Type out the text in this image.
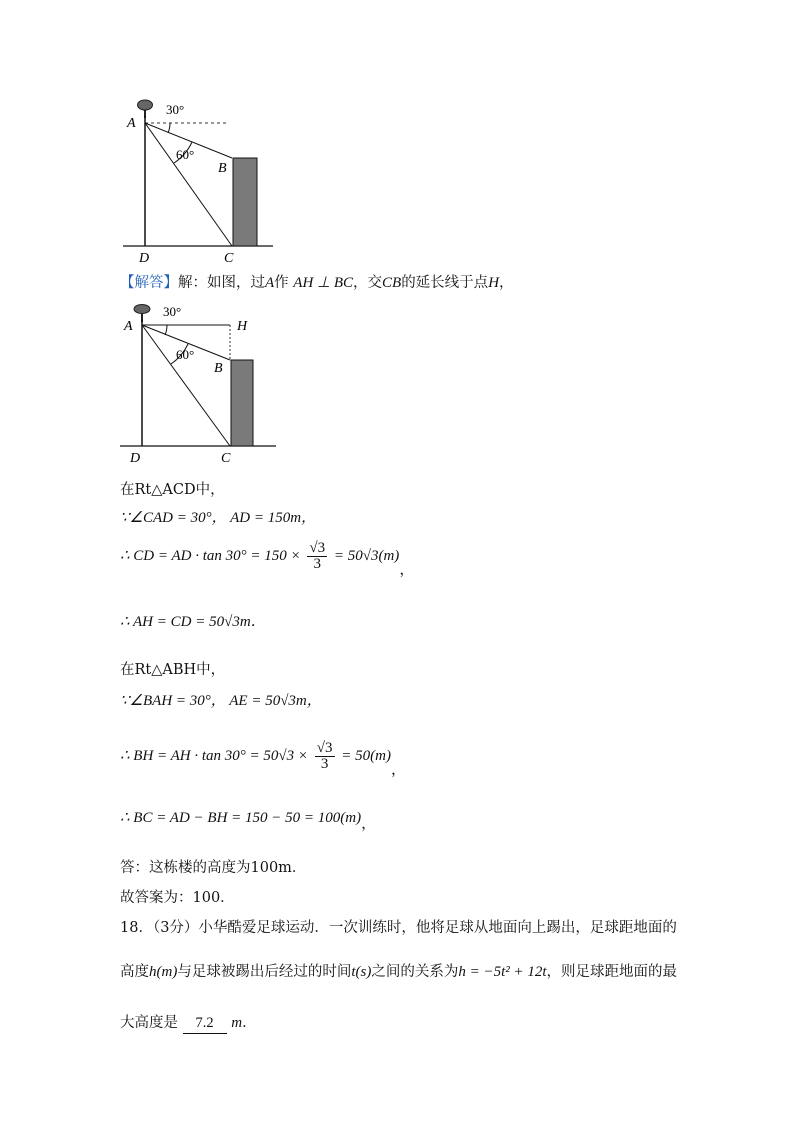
30°
60°
A
B
C
D
【解答】解：如图，过A作 AH ⊥ BC，交CB的延长线于点H，
30°
60°
A	H
B
C
D
在Rt△ACD中，
∵∠CAD = 30°， AD = 150m，
∴ CD = AD · $\tan 30^\circ = 150 \times \frac{√3}{3} = 50√3(m)$，
∴ AH = CD = 50√3m．
在Rt△ABH中，
∵∠BAH = 30°， AE = 50√3m，
∴ BH = AH · $\tan 30^\circ = 50√3 \times \frac{√3}{3} = 50(m)$，
∴ BC = AD − BH = 150 − 50 = 100(m)，
答：这栋楼的高度为100m．
故答案为：100．
18．（3分）小华酷爱足球运动．一次训练时，他将足球从地面向上踢出，足球距地面的
高度h(m)与足球被踢出后经过的时间t(s)之间的关系为h = −5t² + 12t，则足球距地面的最
大高度是 7.2 m．
